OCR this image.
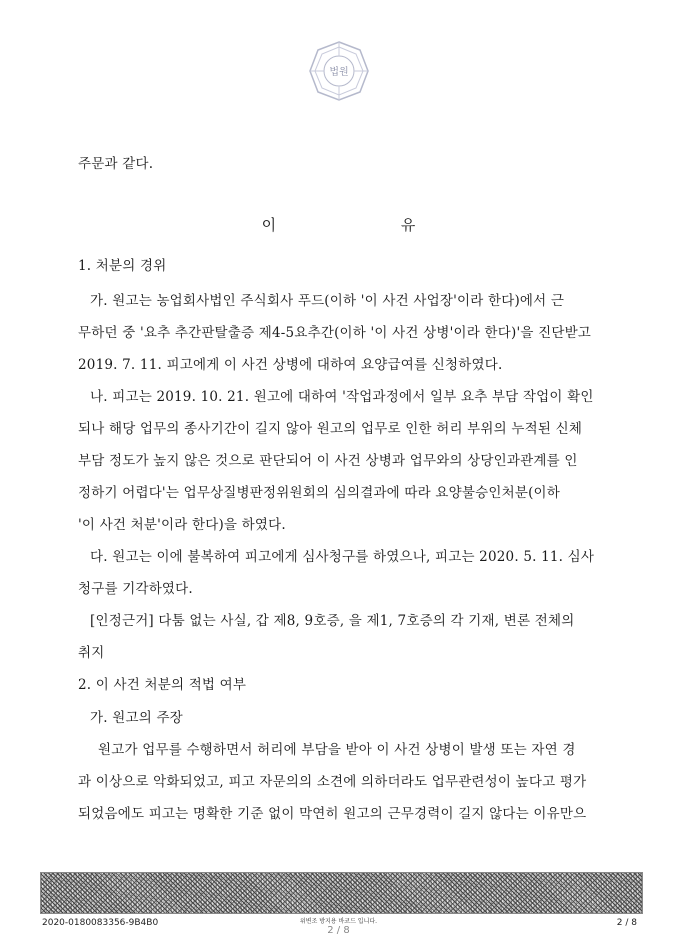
법원
주문과 같다.
이 유
1. 처분의 경위
가. 원고는 농업회사법인 주식회사 푸드(이하 '이 사건 사업장'이라 한다)에서 근
무하던 중 '요추 추간판탈출증 제4-5요추간(이하 '이 사건 상병'이라 한다)'을 진단받고
2019. 7. 11. 피고에게 이 사건 상병에 대하여 요양급여를 신청하였다.
나. 피고는 2019. 10. 21. 원고에 대하여 '작업과정에서 일부 요추 부담 작업이 확인
되나 해당 업무의 종사기간이 길지 않아 원고의 업무로 인한 허리 부위의 누적된 신체
부담 정도가 높지 않은 것으로 판단되어 이 사건 상병과 업무와의 상당인과관계를 인
정하기 어렵다'는 업무상질병판정위원회의 심의결과에 따라 요양불승인처분(이하
'이 사건 처분'이라 한다)을 하였다.
다. 원고는 이에 불복하여 피고에게 심사청구를 하였으나, 피고는 2020. 5. 11. 심사
청구를 기각하였다.
[인정근거] 다툼 없는 사실, 갑 제8, 9호증, 을 제1, 7호증의 각 기재, 변론 전체의
취지
2. 이 사건 처분의 적법 여부
가. 원고의 주장
원고가 업무를 수행하면서 허리에 부담을 받아 이 사건 상병이 발생 또는 자연 경
과 이상으로 악화되었고, 피고 자문의의 소견에 의하더라도 업무관련성이 높다고 평가
되었음에도 피고는 명확한 기준 없이 막연히 원고의 근무경력이 길지 않다는 이유만으
2020-0180083356-9B4B0	위변조 방지용 바코드 입니다.
2 / 8
2 / 8
